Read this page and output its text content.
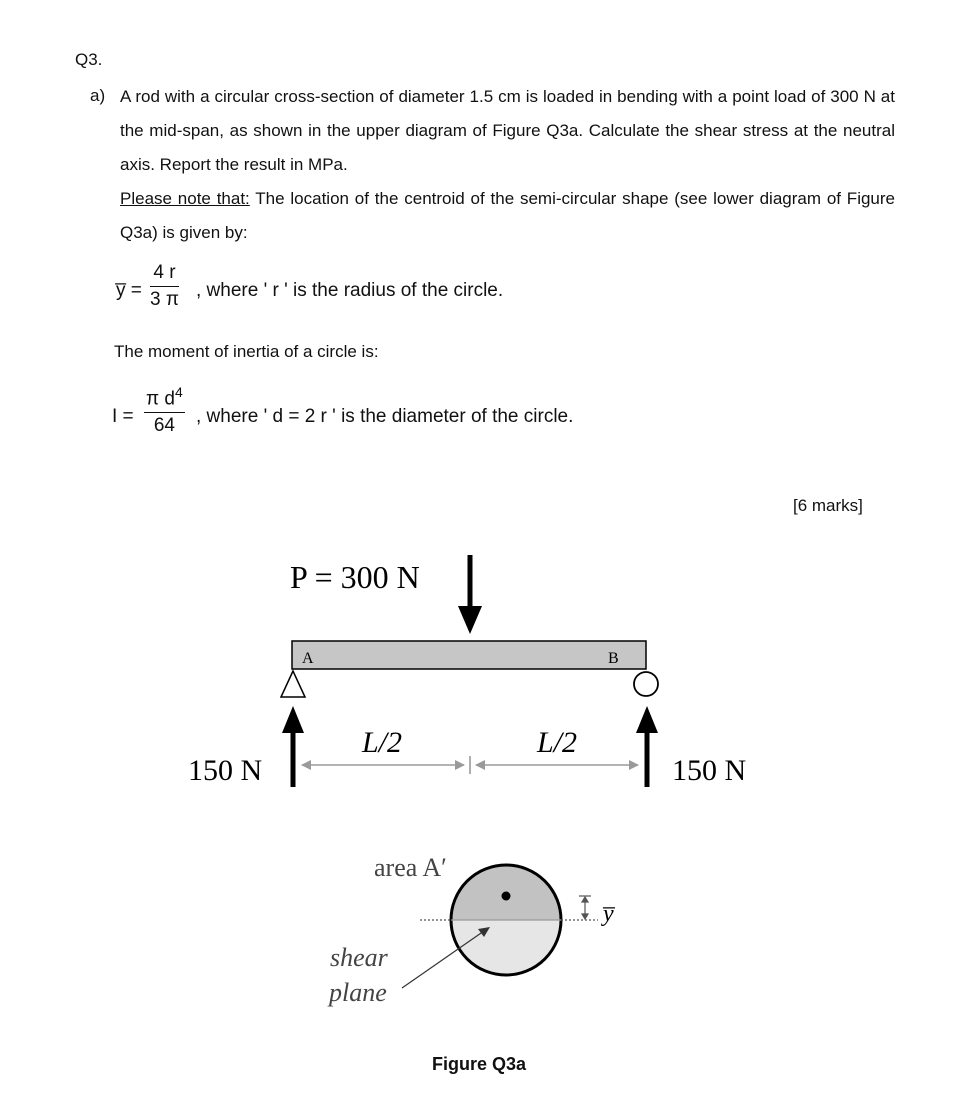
Q3.
a) A rod with a circular cross-section of diameter 1.5 cm is loaded in bending with a point load of 300 N at the mid-span, as shown in the upper diagram of Figure Q3a. Calculate the shear stress at the neutral axis. Report the result in MPa.
Please note that: The location of the centroid of the semi-circular shape (see lower diagram of Figure Q3a) is given by:
y̅ =
4 r
3 π , where ' r ' is the radius of the circle.
The moment of inertia of a circle is:
I =
π $d^4$
64 , where ' d = 2 r ' is the diameter of the circle.
[6 marks]
P = 300 N
A	B
150 N	150 N
L/2	L/2
y̅
area A′
shear
plane
Figure Q3a
